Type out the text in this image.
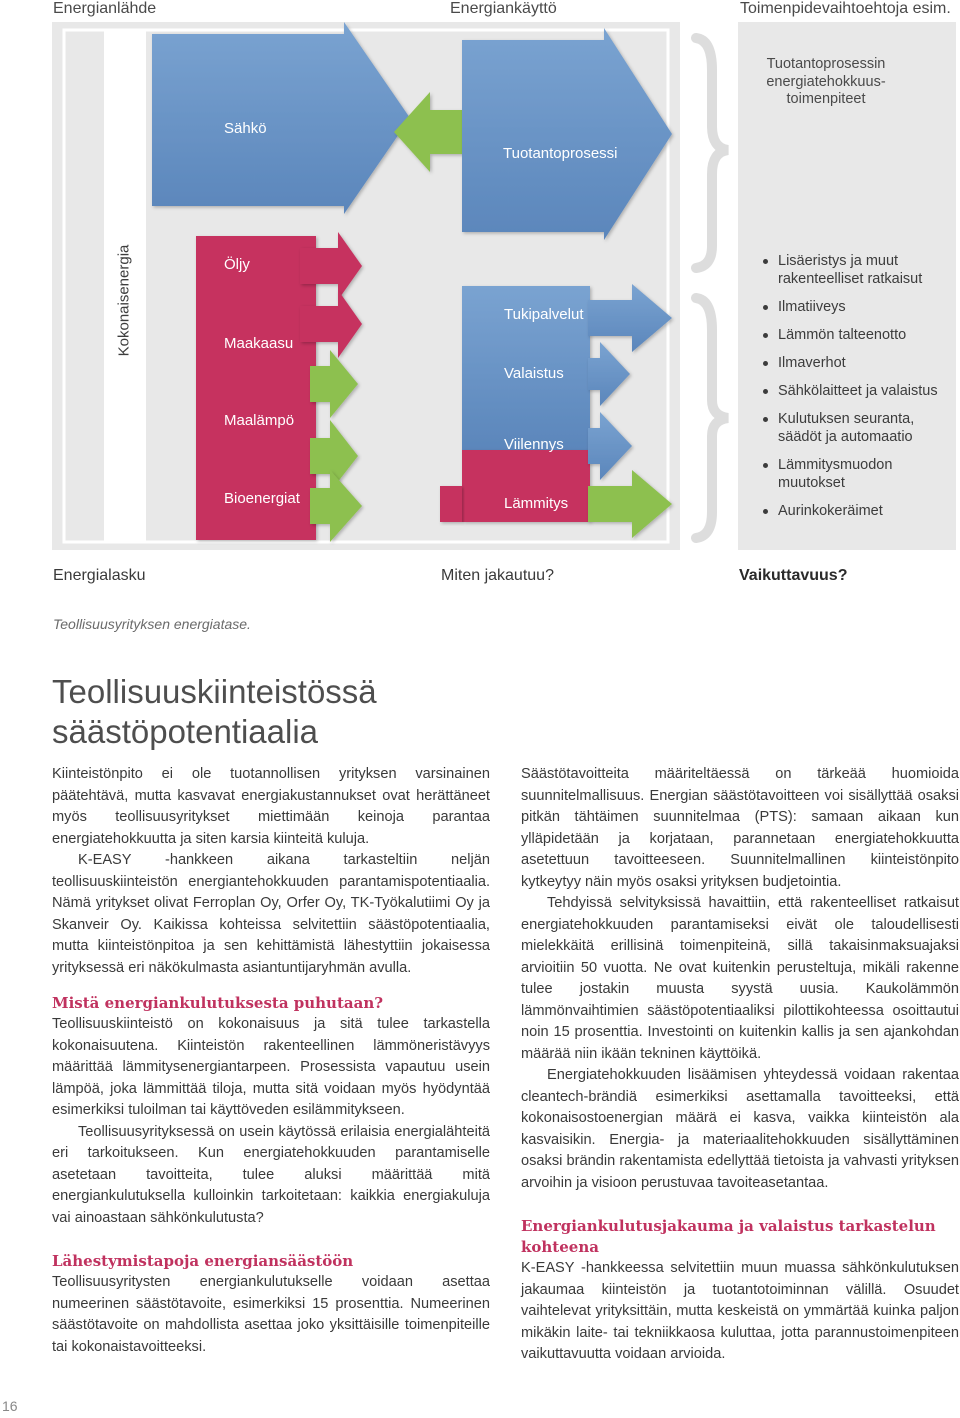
Energianlähde	Energiankäyttö	Toimenpidevaihtoehtoja esim.
Kokonaisenergia
Sähkö
Tuotantoprosessi
Tuotantoprosessin energiatehokkuus-toimenpiteet
Öljy
Maakaasu
Maalämpö
Bioenergiat
Tukipalvelut
Valaistus
Viilennys
Lämmitys
Lisäeristys ja muut rakenteelliset ratkaisut
Ilmatiiveys
Lämmön talteenotto
Ilmaverhot
Sähkölaitteet ja valaistus
Kulutuksen seuranta, säädöt ja automaatio
Lämmitysmuodon muutokset
Aurinkokeräimet
Energialasku	Miten jakautuu?	Vaikuttavuus?
Teollisuusyrityksen energiatase.
Teollisuuskiinteistössä säästöpotentiaalia

Kiinteistönpito ei ole tuotannollisen yrityksen varsinainen päätehtävä, mutta kasvavat energiakustannukset ovat herättäneet myös teollisuusyritykset miettimään keinoja parantaa energiatehokkuutta ja siten karsia kiinteitä kuluja.

K-EASY -hankkeen aikana tarkasteltiin neljän teollisuuskiinteistön energiantehokkuuden parantamispotentiaalia. Nämä yritykset olivat Ferroplan Oy, Orfer Oy, TK-Työkalutiimi Oy ja Skanveir Oy. Kaikissa kohteissa selvitettiin säästöpotentiaalia, mutta kiinteistönpitoa ja sen kehittämistä lähestyttiin jokaisessa yrityksessä eri näkökulmasta asiantuntijaryhmän avulla.

Mistä energiankulutuksesta puhutaan?

Teollisuuskiinteistö on kokonaisuus ja sitä tulee tarkastella kokonaisuutena. Kiinteistön rakenteellinen lämmöneristävyys määrittää lämmitysenergiantarpeen. Prosessista vapautuu usein lämpöä, joka lämmittää tiloja, mutta sitä voidaan myös hyödyntää esimerkiksi tuloilman tai käyttöveden esilämmitykseen.

Teollisuusyrityksessä on usein käytössä erilaisia energialähteitä eri tarkoitukseen. Kun energiatehokkuuden parantamiselle asetetaan tavoitteita, tulee aluksi määrittää mitä energiankulutuksella kulloinkin tarkoitetaan: kaikkia energiakuluja vai ainoastaan sähkönkulutusta?

Lähestymistapoja energiansäästöön

Teollisuusyritysten energiankulutukselle voidaan asettaa numeerinen säästötavoite, esimerkiksi 15 prosenttia. Numeerinen säästötavoite on mahdollista asettaa joko yksittäisille toimenpiteille tai kokonaistavoitteeksi.

Säästötavoitteita määriteltäessä on tärkeää huomioida suunnitelmallisuus. Energian säästötavoitteen voi sisällyttää osaksi pitkän tähtäimen suunnitelmaa (PTS): samaan aikaan kun ylläpidetään ja korjataan, parannetaan energiatehokkuutta asetettuun tavoitteeseen. Suunnitelmallinen kiinteistönpito kytkeytyy näin myös osaksi yrityksen budjetointia.

Tehdyissä selvityksissä havaittiin, että rakenteelliset ratkaisut energiatehokkuuden parantamiseksi eivät ole taloudellisesti mielekkäitä erillisinä toimenpiteinä, sillä takaisinmaksuajaksi arvioitiin 50 vuotta. Ne ovat kuitenkin perusteltuja, mikäli rakenne tulee jostakin muusta syystä uusia. Kaukolämmön lämmönvaihtimien säästöpotentiaaliksi pilottikohteessa osoittautui noin 15 prosenttia. Investointi on kuitenkin kallis ja sen ajankohdan määrää niin ikään tekninen käyttöikä.

Energiatehokkuuden lisäämisen yhteydessä voidaan rakentaa cleantech-brändiä esimerkiksi asettamalla tavoitteeksi, että kokonaisostoenergian määrä ei kasva, vaikka kiinteistön ala kasvaisikin. Energia- ja materiaalitehokkuuden sisällyttäminen osaksi brändin rakentamista edellyttää tietoista ja vahvasti yrityksen arvoihin ja visioon perustuvaa tavoiteasetantaa.

Energiankulutusjakauma ja valaistus tarkastelun kohteena

K-EASY -hankkeessa selvitettiin muun muassa sähkönkulutuksen jakaumaa kiinteistön ja tuotantotoiminnan välillä. Osuudet vaihtelevat yrityksittäin, mutta keskeistä on ymmärtää kuinka paljon mikäkin laite- tai tekniikkaosa kuluttaa, jotta parannustoimenpiteen vaikuttavuutta voidaan arvioida.

16
